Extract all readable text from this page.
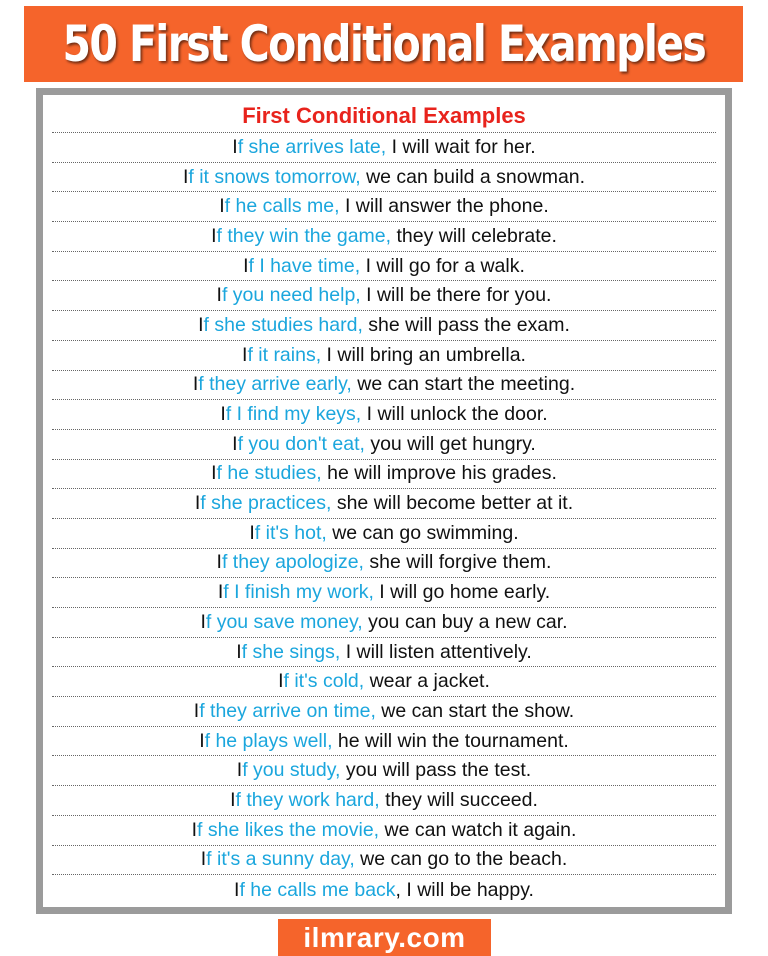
50 First Conditional Examples
First Conditional Examples
I f she arrives late, I will wait for her.
I f it snows tomorrow, we can build a snowman.
I f he calls me, I will answer the phone.
I f they win the game, they will celebrate.
I f I have time, I will go for a walk.
I f you need help, I will be there for you.
I f she studies hard, she will pass the exam.
I f it rains, I will bring an umbrella.
I f they arrive early, we can start the meeting.
I f I find my keys, I will unlock the door.
I f you don't eat, you will get hungry.
I f he studies, he will improve his grades.
I f she practices, she will become better at it.
I f it's hot, we can go swimming.
I f they apologize, she will forgive them.
I f I finish my work, I will go home early.
I f you save money, you can buy a new car.
I f she sings, I will listen attentively.
I f it's cold, wear a jacket.
I f they arrive on time, we can start the show.
I f he plays well, he will win the tournament.
I f you study, you will pass the test.
I f they work hard, they will succeed.
I f she likes the movie, we can watch it again.
I f it's a sunny day, we can go to the beach.
I f he calls me back , I will be happy.
ilmrary.com
